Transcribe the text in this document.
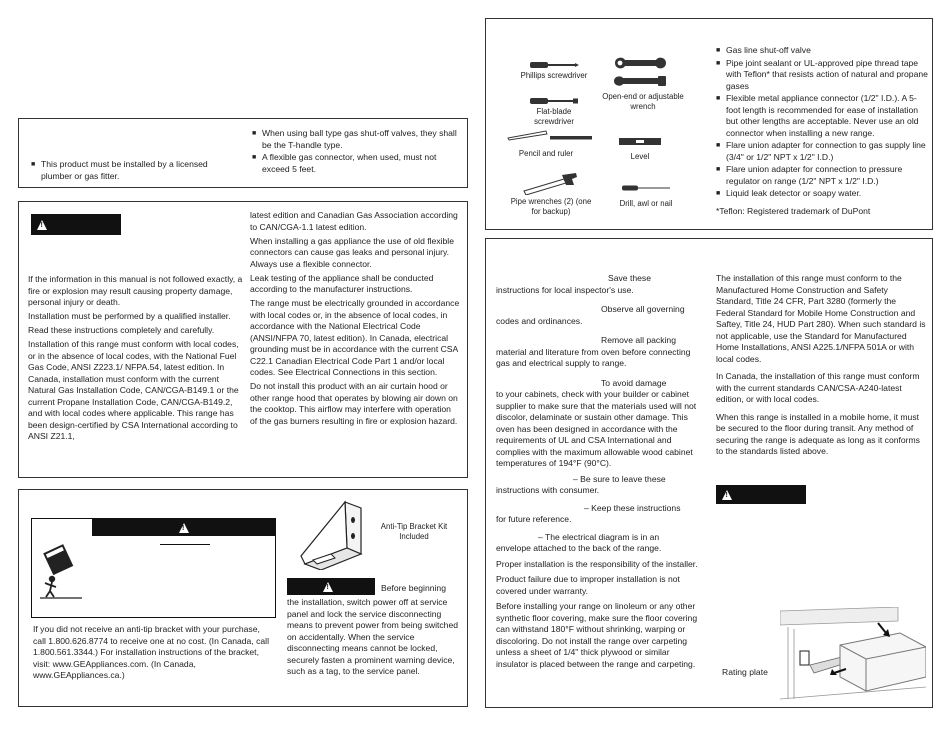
■ This product must be installed by a licensed plumber or gas fitter.
■ When using ball type gas shut-off valves, they shall be the T-handle type.
■ A flexible gas connector, when used, must not exceed 5 feet.
!

If the information in this manual is not followed exactly, a fire or explosion may result causing property damage, personal injury or death.

Installation must be performed by a qualified installer.

Read these instructions completely and carefully.

Installation of this range must conform with local codes, or in the absence of local codes, with the National Fuel Gas Code, ANSI Z223.1/ NFPA.54, latest edition. In Canada, installation must conform with the current Natural Gas Installation Code, CAN/CGA-B149.1 or the current Propane Installation Code, CAN/CGA-B149.2, and with local codes where applicable. This range has been design-certified by CSA International according to ANSI Z21.1,

latest edition and Canadian Gas Association according to CAN/CGA-1.1 latest edition.

When installing a gas appliance the use of old flexible connectors can cause gas leaks and personal injury. Always use a flexible connector.

Leak testing of the appliance shall be conducted according to the manufacturer instructions.

The range must be electrically grounded in accordance with local codes or, in the absence of local codes, in accordance with the National Electrical Code (ANSI/NFPA 70, latest edition). In Canada, electrical grounding must be in accordance with the current CSA C22.1 Canadian Electrical Code Part 1 and/or local codes. See Electrical Connections in this section.

Do not install this product with an air curtain hood or other range hood that operates by blowing air down on the cooktop. This airflow may interfere with operation of the gas burners resulting in fire or explosion hazard.

!

If you did not receive an anti-tip bracket with your purchase, call 1.800.626.8774 to receive one at no cost. (In Canada, call 1.800.561.3344.) For installation instructions of the bracket, visit: www.GEAppliances.com. (In Canada, www.GEAppliances.ca.)

Anti-Tip Bracket Kit Included
!
Before beginning

the installation, switch power off at service panel and lock the service disconnecting means to prevent power from being switched on accidentally. When the service disconnecting means cannot be locked, securely fasten a prominent warning device, such as a tag, to the service panel.

Phillips screwdriver
Open-end or adjustable wrench
Flat-blade screwdriver
Pencil and ruler	Level
Pipe wrenches (2) (one for backup)
Drill, awl or nail
■ Gas line shut-off valve
■ Pipe joint sealant or UL-approved pipe thread tape with Teflon* that resists action of natural and propane gases
■ Flexible metal appliance connector (1/2" I.D.). A 5-foot length is recommended for ease of installation but other lengths are acceptable. Never use an old connector when installing a new range.
■ Flare union adapter for connection to gas supply line (3/4" or 1/2" NPT x 1/2" I.D.)
■ Flare union adapter for connection to pressure regulator on range (1/2" NPT x 1/2" I.D.)
■ Liquid leak detector or soapy water.

*Teflon: Registered trademark of DuPont

Save these

instructions for local inspector's use.

Observe all governing

codes and ordinances.

Remove all packing

material and literature from oven before connecting gas and electrical supply to range.

To avoid damage

to your cabinets, check with your builder or cabinet supplier to make sure that the materials used will not discolor, delaminate or sustain other damage. This oven has been designed in accordance with the requirements of UL and CSA International and complies with the maximum allowable wood cabinet temperatures of 194°F (90°C).

– Be sure to leave these

instructions with consumer.

– Keep these instructions

for future reference.

– The electrical diagram is in an

envelope attached to the back of the range.

Proper installation is the responsibility of the installer.

Product failure due to improper installation is not covered under warranty.

Before installing your range on linoleum or any other synthetic floor covering, make sure the floor covering can withstand 180°F without shrinking, warping or discoloring. Do not install the range over carpeting unless a sheet of 1/4" thick plywood or similar insulator is placed between the range and carpeting.

The installation of this range must conform to the Manufactured Home Construction and Safety Standard, Title 24 CFR, Part 3280 (formerly the Federal Standard for Mobile Home Construction and Saftey, Title 24, HUD Part 280). When such standard is not applicable, use the Standard for Manufactured Home Installations, ANSI A225.1/NFPA 501A or with local codes.

In Canada, the installation of this range must conform with the current standards CAN/CSA-A240-latest edition, or with local codes.

When this range is installed in a mobile home, it must be secured to the floor during transit. Any method of securing the range is adequate as long as it conforms to the standards listed above.

!
Rating plate
